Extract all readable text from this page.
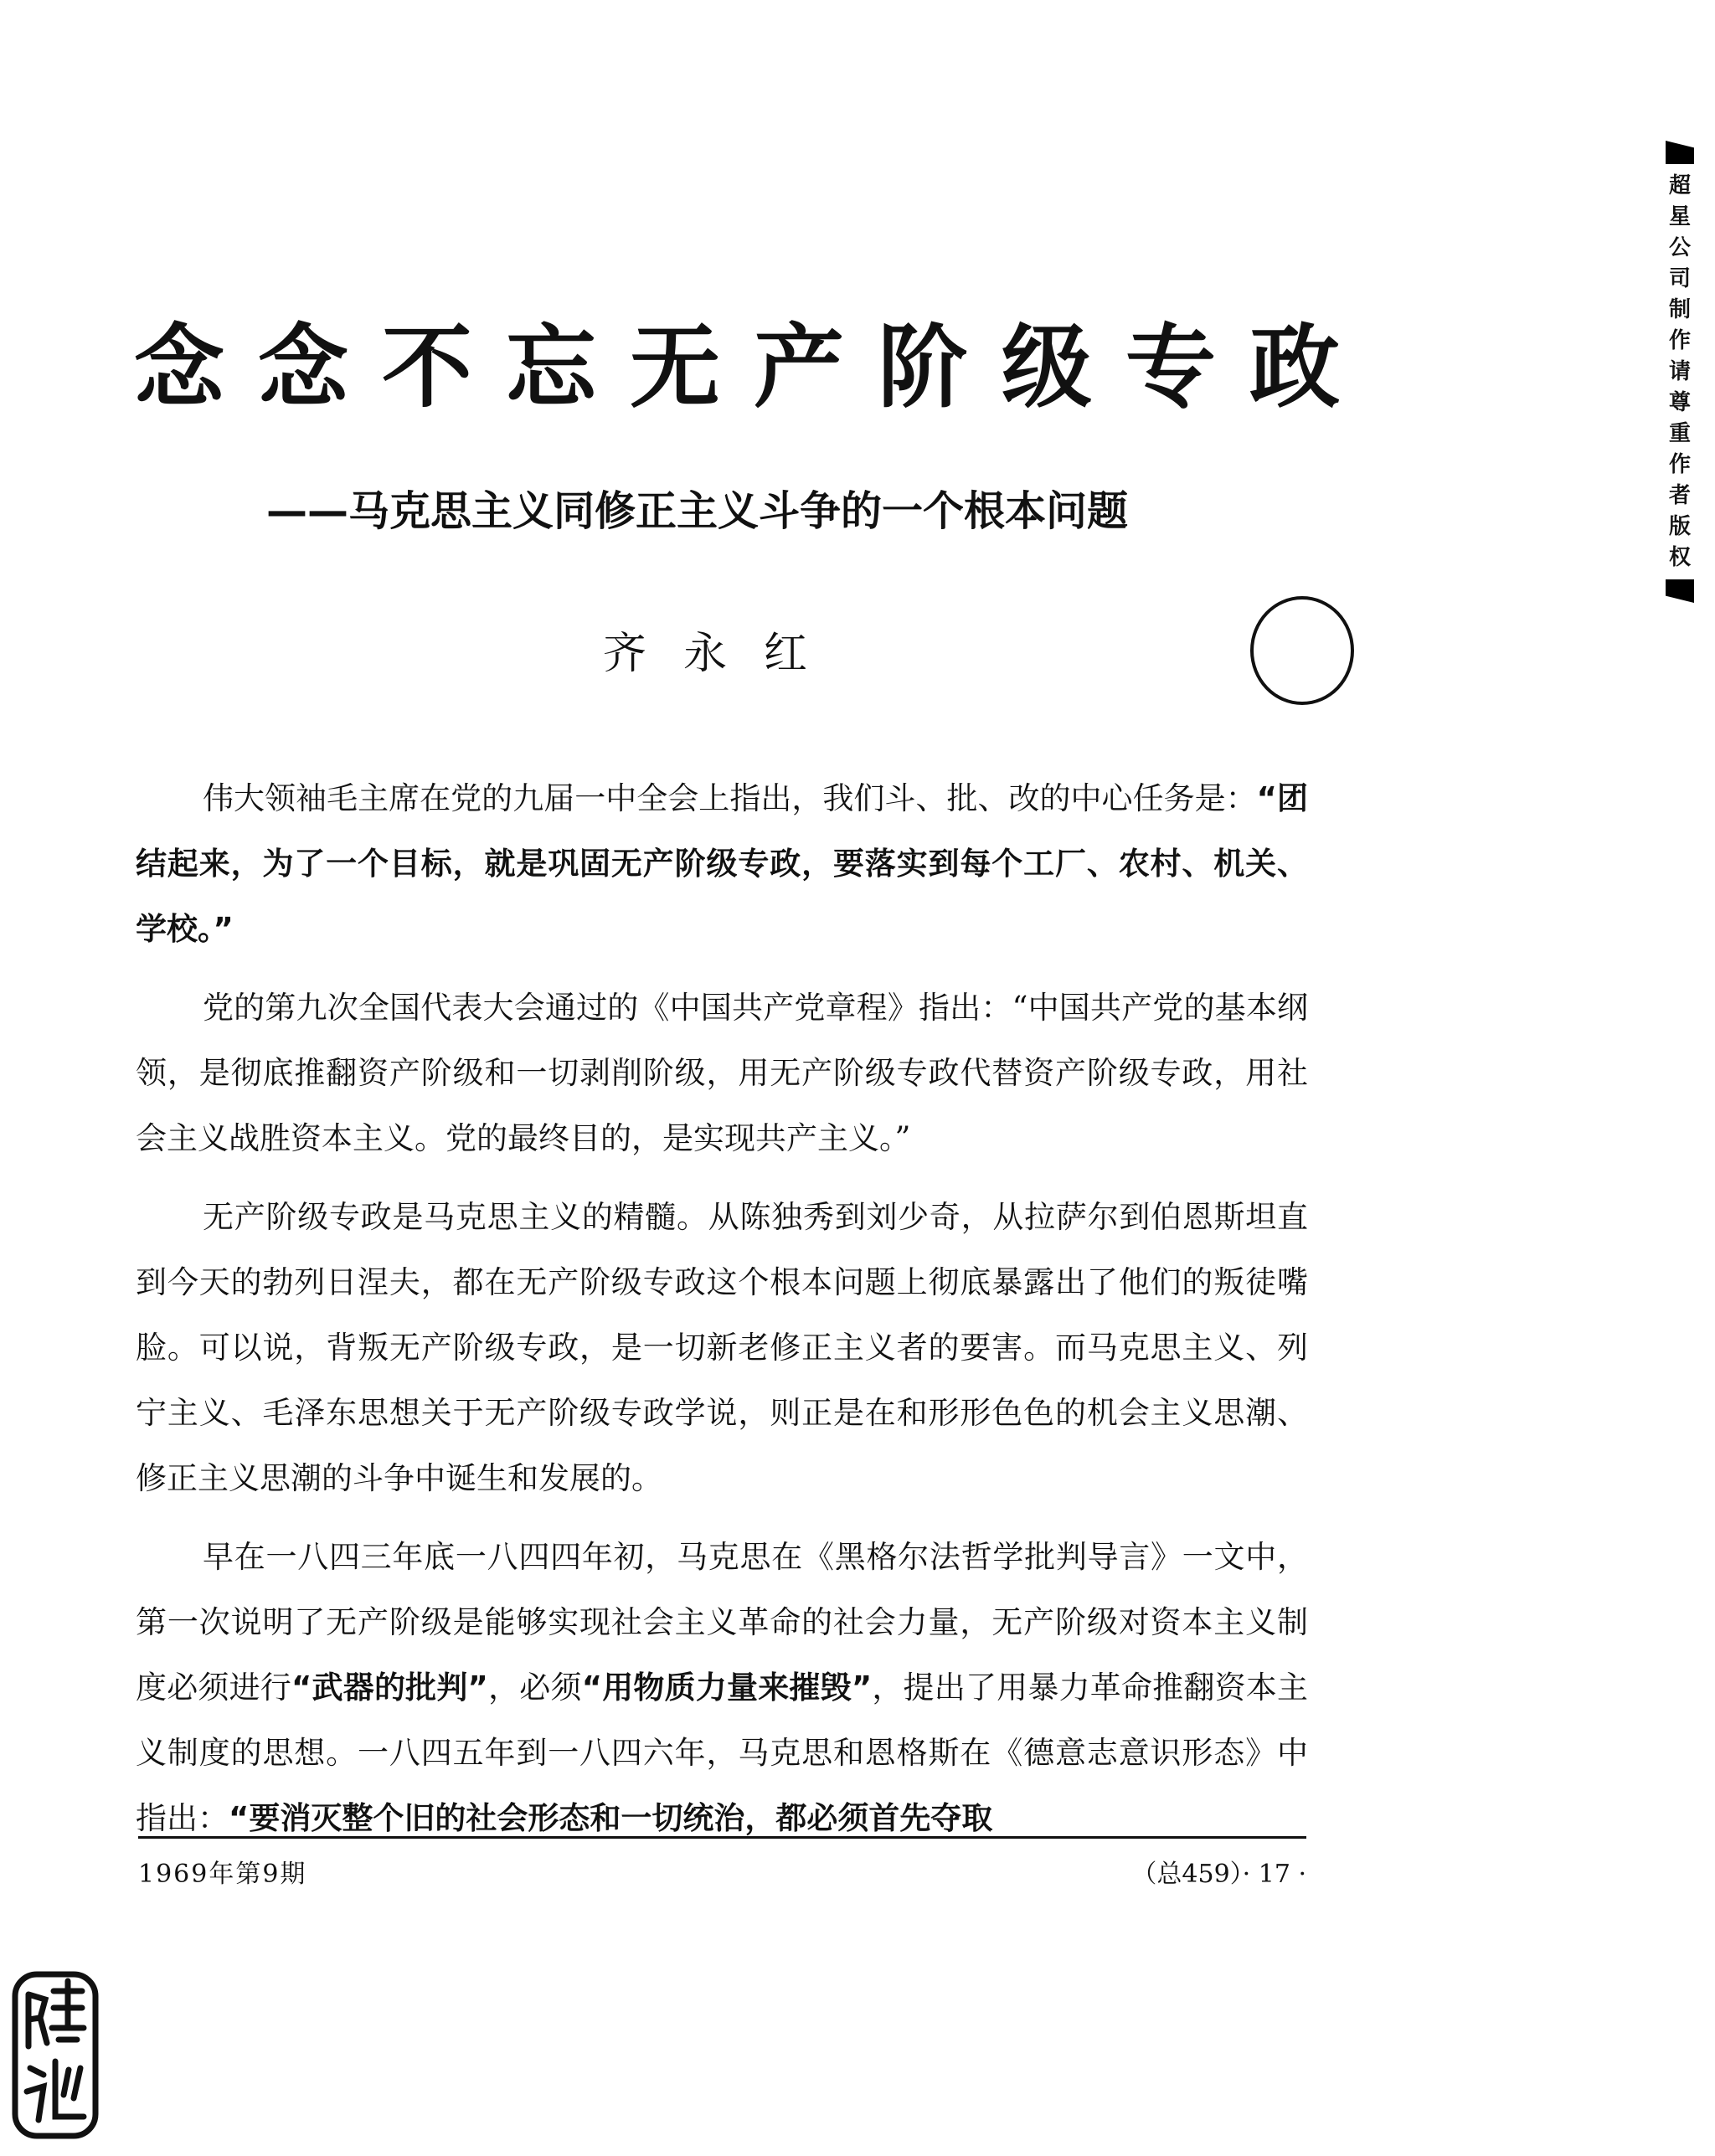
超
星
公
司
制
作
请
尊
重
作
者
版
权
念念不忘无产阶级专政
——马克思主义同修正主义斗争的一个根本问题
齐永红

伟大领袖毛主席在党的九届一中全会上指出，我们斗、批、改的中心任务是：“团结起来，为了一个目标，就是巩固无产阶级专政，要落实到每个工厂、农村、机关、学校。”

党的第九次全国代表大会通过的《中国共产党章程》指出：“中国共产党的基本纲领，是彻底推翻资产阶级和一切剥削阶级，用无产阶级专政代替资产阶级专政，用社会主义战胜资本主义。党的最终目的，是实现共产主义。”

无产阶级专政是马克思主义的精髓。从陈独秀到刘少奇，从拉萨尔到伯恩斯坦直到今天的勃列日涅夫，都在无产阶级专政这个根本问题上彻底暴露出了他们的叛徒嘴脸。可以说，背叛无产阶级专政，是一切新老修正主义者的要害。而马克思主义、列宁主义、毛泽东思想关于无产阶级专政学说，则正是在和形形色色的机会主义思潮、修正主义思潮的斗争中诞生和发展的。

早在一八四三年底一八四四年初，马克思在《黑格尔法哲学批判导言》一文中，第一次说明了无产阶级是能够实现社会主义革命的社会力量，无产阶级对资本主义制度必须进行“武器的批判”，必须“用物质力量来摧毁”，提出了用暴力革命推翻资本主义制度的思想。一八四五年到一八四六年，马克思和恩格斯在《德意志意识形态》中指出：“要消灭整个旧的社会形态和一切统治，都必须首先夺取

1969年第9期	（总459）· 17 ·
